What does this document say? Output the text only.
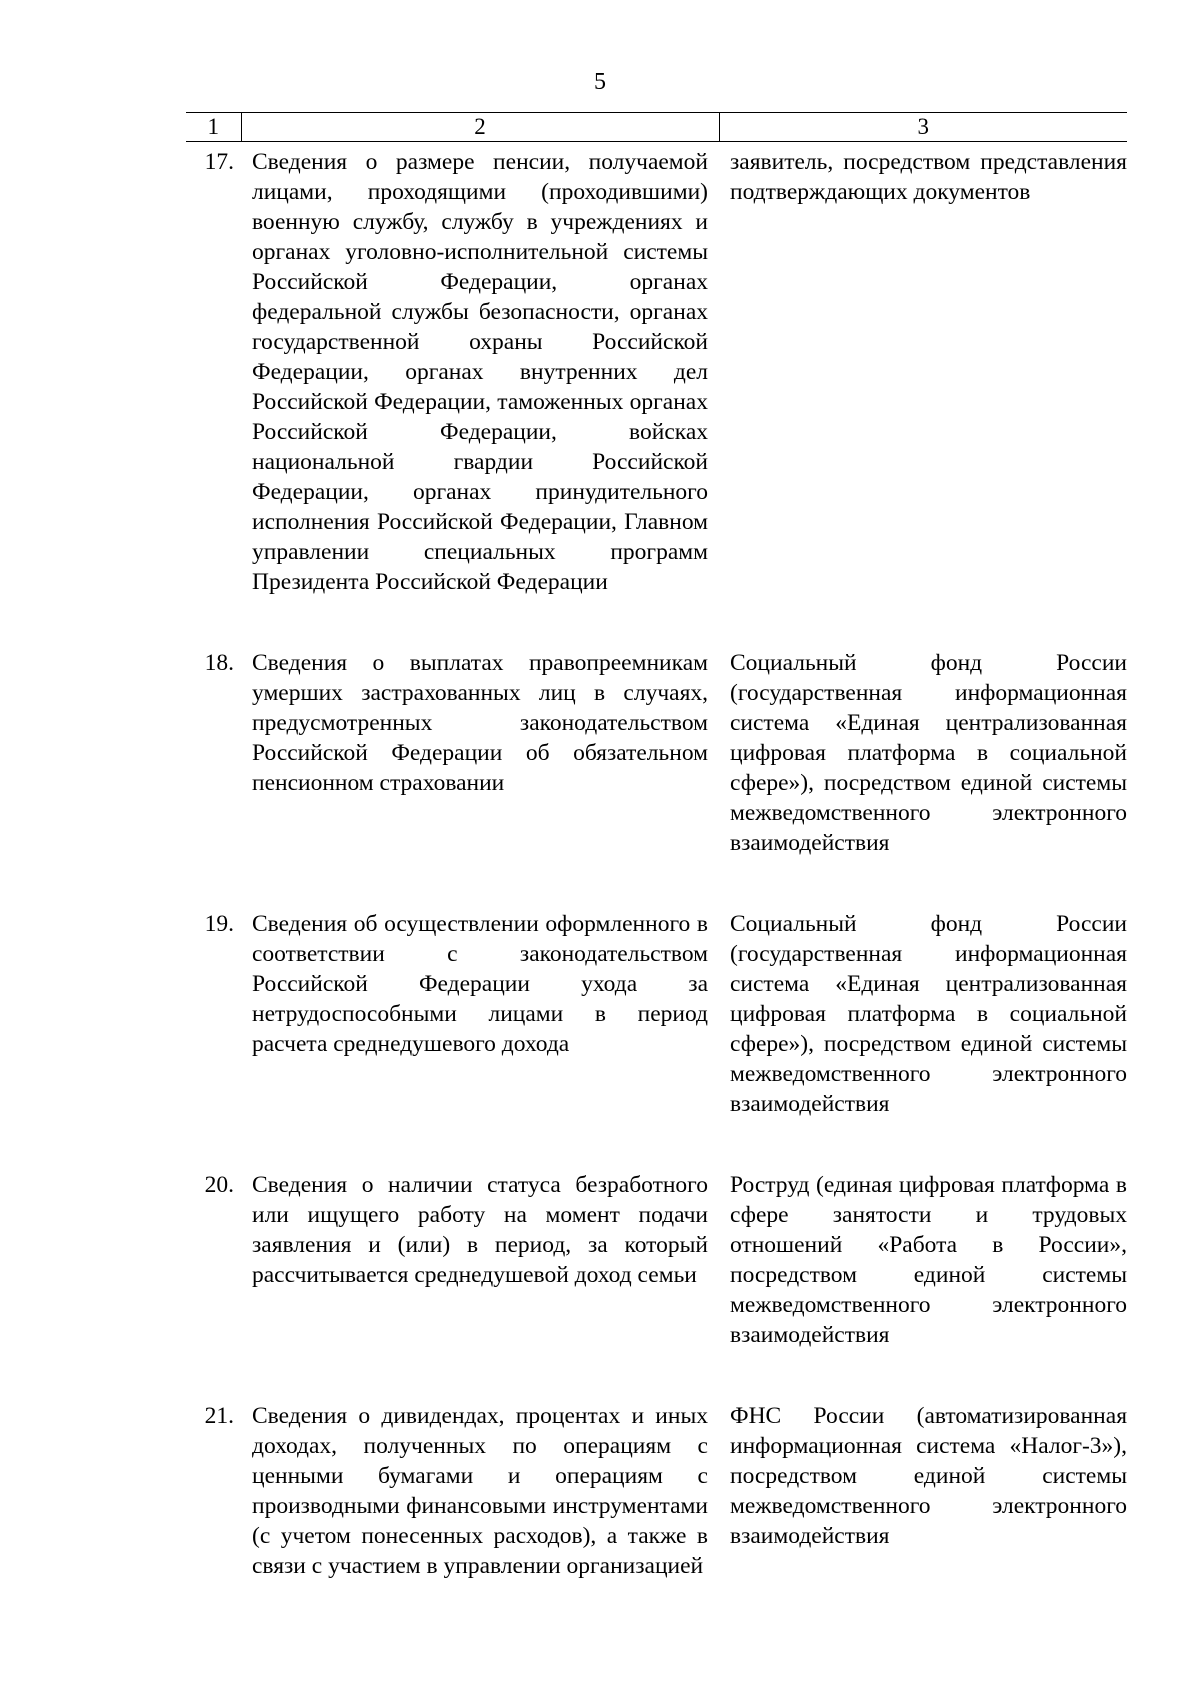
5
1	2	3
17.	Сведения о размере пенсии, получаемой лицами, проходящими (проходившими) военную службу, службу в учреждениях и органах уголовно-исполнительной системы Российской Федерации, органах федеральной службы безопасности, органах государственной охраны Российской Федерации, органах внутренних дел Российской Федерации, таможенных органах Российской Федерации, войсках национальной гвардии Российской Федерации, органах принудительного исполнения Российской Федерации, Главном управлении специальных программ Президента Российской Федерации	заявитель, посредством представления подтверждающих документов
18.	Сведения о выплатах правопреемникам умерших застрахованных лиц в случаях, предусмотренных законодательством Российской Федерации об обязательном пенсионном страховании	Социальный фонд России (государственная информационная система «Единая централизованная цифровая платформа в социальной сфере»), посредством единой системы межведомственного электронного взаимодействия
19.	Сведения об осуществлении оформленного в соответствии с законодательством Российской Федерации ухода за нетрудоспособными лицами в период расчета среднедушевого дохода	Социальный фонд России (государственная информационная система «Единая централизованная цифровая платформа в социальной сфере»), посредством единой системы межведомственного электронного взаимодействия
20.	Сведения о наличии статуса безработного или ищущего работу на момент подачи заявления и (или) в период, за который рассчитывается среднедушевой доход семьи	Роструд (единая цифровая платформа в сфере занятости и трудовых отношений «Работа в России», посредством единой системы межведомственного электронного взаимодействия
21.	Сведения о дивидендах, процентах и иных доходах, полученных по операциям с ценными бумагами и операциям с производными финансовыми инструментами (с учетом понесенных расходов), а также в связи с участием в управлении организацией	ФНС России (автоматизированная информационная система «Налог-3»), посредством единой системы межведомственного электронного взаимодействия
